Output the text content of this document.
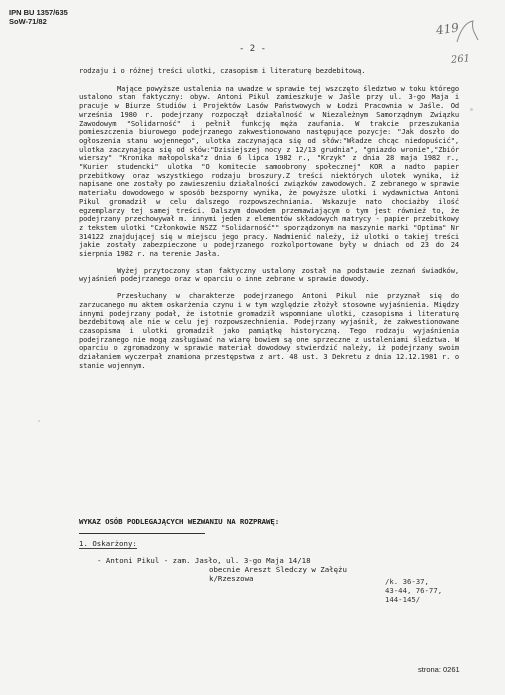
IPN BU 1357/635
SoW-71/82	419
261
- 2 -

rodzaju i o różnej treści ulotki, czasopism i literaturę bezdebitową.

Mające powyższe ustalenia na uwadze w sprawie tej wszczęto śledztwo w toku którego ustalono stan faktyczny: obyw. Antoni Pikul zamieszkuje w Jaśle przy ul. 3-go Maja i pracuje w Biurze Studiów i Projektów Lasów Państwowych w Łodzi Pracownia w Jaśle. Od września 1980 r. podejrzany rozpoczął działalność w Niezależnym Samorządnym Związku Zawodowym "Solidarność" i pełnił funkcję męża zaufania. W trakcie przeszukania pomieszczenia biurowego podejrzanego zakwestionowano następujące pozycje: "Jak doszło do ogłoszenia stanu wojennego", ulotka zaczynająca się od słów:"Władze chcąc niedopuścić", ulotka zaczynająca się od słów:"Dzisiejszej nocy z 12/13 grudnia", "gniazdo wronie","Zbiór wierszy" "Kronika małopolska"z dnia 6 lipca 1982 r., "Krzyk" z dnia 28 maja 1982 r., "Kurier studencki" ulotka "O komitecie samoobrony społecznej" KOR a nadto papier przebitkowy oraz wszystkiego rodzaju broszury.Z treści niektórych ulotek wynika, iż napisane one zostały po zawieszeniu działalności związków zawodowych. Z zebranego w sprawie materiału dowodowego w sposób bezsporny wynika, że powyższe ulotki i wydawnictwa Antoni Pikul gromadził w celu dalszego rozpowszechniania. Wskazuje nato chociażby ilość egzemplarzy tej samej treści. Dalszym dowodem przemawiającym o tym jest również to, że podejrzany przechowywał m. innymi jeden z elementów składowych matrycy - papier przebitkowy z tekstem ulotki "Członkowie NSZZ "Solidarność"" sporządzonym na maszynie marki "Optima" Nr 314122 znajdującej się w miejscu jego pracy. Nadmienić należy, iż ulotki o takiej treści jakie zostały zabezpieczone u podejrzanego rozkolportowane były w dniach od 23 do 24 sierpnia 1982 r. na terenie Jasła.

Wyżej przytoczony stan faktyczny ustalony został na podstawie zeznań świadków, wyjaśnień podejrzanego oraz w oparciu o inne zebrane w sprawie dowody.

Przesłuchany w charakterze podejrzanego Antoni Pikul nie przyznał się do zarzucanego mu aktem oskarżenia czynu i w tym względzie złożył stosowne wyjaśnienia. Między innymi podejrzany podał, że istotnie gromadził wspomniane ulotki, czasopisma i literaturę bezdebitową ale nie w celu jej rozpowszechnienia. Podejrzany wyjaśnił, że zakwestionowane czasopisma i ulotki gromadził jako pamiątkę historyczną. Tego rodzaju wyjaśnienia podejrzanego nie mogą zasługiwać na wiarę bowiem są one sprzeczne z ustaleniami śledztwa. W oparciu o zgromadzony w sprawie materiał dowodowy stwierdzić należy, iż podejrzany swoim działaniem wyczerpał znamiona przestępstwa z art. 48 ust. 3 Dekretu z dnia 12.12.1981 r. o stanie wojennym.

WYKAZ OSÓB PODLEGAJĄCYCH WEZWANIU NA ROZPRAWĘ:
1. Oskarżony:
- Antoni Pikul - zam. Jasło, ul. 3-go Maja 14/18
obecnie Areszt Śledczy w Załężu
k/Rzeszowa	/k. 36-37,
43-44, 76-77,
144-145/
strona: 0261
